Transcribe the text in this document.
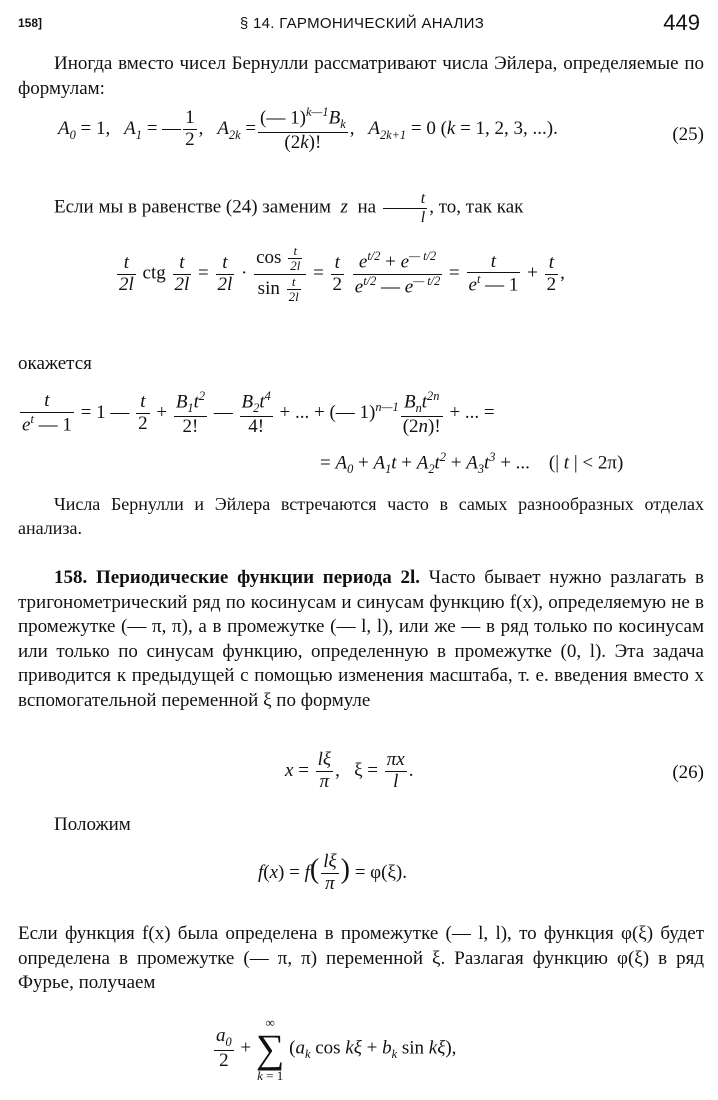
158]	§ 14. ГАРМОНИЧЕСКИЙ АНАЛИЗ	449
Иногда вместо чисел Бернулли рассматривают числа Эйлера, определяемые по формулам:
$A_0 = 1$,   $A_1$ = — $\frac{1}{2}$ ,   $A_{2k} = \frac{(— 1)^{k—1}B_k}{(2k)!}$ ,   $A_{2k+1} = 0$ (k = 1, 2, 3, ...).	(25)
Если мы в равенстве (24) заменим  z  на $\frac{t}{l}$ , то, так как
$\frac{t}{2l}$ ctg $\frac{t}{2l} = \frac{t}{2l} \cdot \frac{\cos \frac{t}{2l}}{\sin \frac{t}{2l}} = \frac{t}{2}$
$\frac{e^{t/2} + e^{— t/2}}{e^{t/2} — e^{— t/2}} = \frac{t}{e^t — 1} + \frac{t}{2}$ ,
окажется
$\frac{t}{e^t — 1} = 1$ — $\frac{t}{2} + \frac{B_1t^2}{2!}$ — $\frac{B_2t^4}{4!}$ + ... + (— $1)^{n—1} \frac{B_nt^{2n}}{(2n)!}$ + ... =
= $A_0 + A_1t + A_2t^2 + A_3t^3$ + ...    (| t | < 2π)
Числа Бернулли и Эйлера встречаются часто в самых разнообразных отделах анализа.
158. Периодические функции периода 2l. Часто бывает нужно разлагать в тригонометрический ряд по косинусам и синусам функцию f(x), определяемую не в промежутке (— π, π), а в промежутке (— l, l), или же — в ряд только по косинусам или только по синусам функцию, определенную в промежутке (0, l). Эта задача приводится к предыдущей с помощью изменения масштаба, т. е. введения вместо x вспомогательной переменной ξ по формуле
$x = \frac{l\xi}{\pi}$ ,   $\xi = \frac{\pi x}{l}$ .	(26)
Положим
$f(x) = f( \frac{l\xi}{\pi}$ ) = φ(ξ).
Если функция f(x) была определена в промежутке (— l, l), то функция φ(ξ) будет определена в промежутке (— π, π) переменной ξ. Разлагая функцию φ(ξ) в ряд Фурье, получаем
$\frac{a_0}{2}$ +
∞
∑
k = 1
($a_k$ $\cos k\xi + b_k$ sin kξ),
